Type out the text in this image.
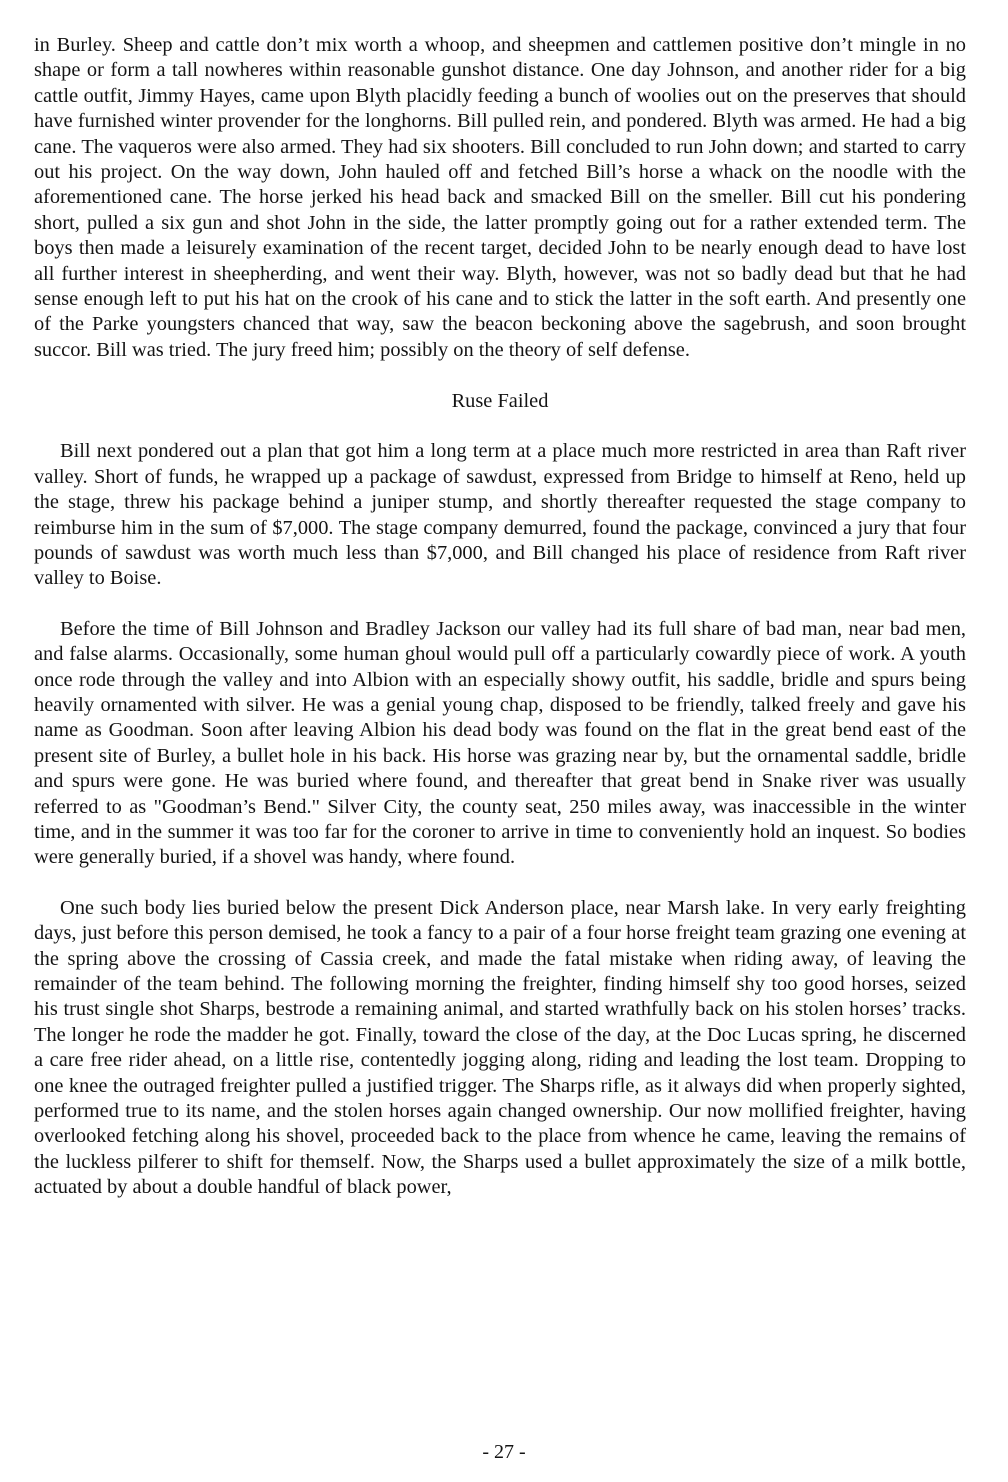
in Burley. Sheep and cattle don’t mix worth a whoop, and sheepmen and cattlemen positive don’t mingle in no shape or form a tall nowheres within reasonable gunshot distance. One day Johnson, and another rider for a big cattle outfit, Jimmy Hayes, came upon Blyth placidly feeding a bunch of woolies out on the preserves that should have furnished winter provender for the longhorns. Bill pulled rein, and pondered. Blyth was armed. He had a big cane. The vaqueros were also armed. They had six shooters. Bill concluded to run John down; and started to carry out his project. On the way down, John hauled off and fetched Bill’s horse a whack on the noodle with the aforementioned cane. The horse jerked his head back and smacked Bill on the smeller. Bill cut his pondering short, pulled a six gun and shot John in the side, the latter promptly going out for a rather extended term. The boys then made a leisurely examination of the recent target, decided John to be nearly enough dead to have lost all further interest in sheepherding, and went their way. Blyth, however, was not so badly dead but that he had sense enough left to put his hat on the crook of his cane and to stick the latter in the soft earth. And presently one of the Parke youngsters chanced that way, saw the beacon beckoning above the sagebrush, and soon brought succor. Bill was tried. The jury freed him; possibly on the theory of self defense.

Ruse Failed

Bill next pondered out a plan that got him a long term at a place much more restricted in area than Raft river valley. Short of funds, he wrapped up a package of sawdust, expressed from Bridge to himself at Reno, held up the stage, threw his package behind a juniper stump, and shortly thereafter requested the stage company to reimburse him in the sum of $7,000. The stage company demurred, found the package, convinced a jury that four pounds of sawdust was worth much less than $7,000, and Bill changed his place of residence from Raft river valley to Boise.

Before the time of Bill Johnson and Bradley Jackson our valley had its full share of bad man, near bad men, and false alarms. Occasionally, some human ghoul would pull off a particularly cowardly piece of work. A youth once rode through the valley and into Albion with an especially showy outfit, his saddle, bridle and spurs being heavily ornamented with silver. He was a genial young chap, disposed to be friendly, talked freely and gave his name as Goodman. Soon after leaving Albion his dead body was found on the flat in the great bend east of the present site of Burley, a bullet hole in his back. His horse was grazing near by, but the ornamental saddle, bridle and spurs were gone. He was buried where found, and thereafter that great bend in Snake river was usually referred to as "Goodman’s Bend." Silver City, the county seat, 250 miles away, was inaccessible in the winter time, and in the summer it was too far for the coroner to arrive in time to conveniently hold an inquest. So bodies were generally buried, if a shovel was handy, where found.

One such body lies buried below the present Dick Anderson place, near Marsh lake. In very early freighting days, just before this person demised, he took a fancy to a pair of a four horse freight team grazing one evening at the spring above the crossing of Cassia creek, and made the fatal mistake when riding away, of leaving the remainder of the team behind. The following morning the freighter, finding himself shy too good horses, seized his trust single shot Sharps, bestrode a remaining animal, and started wrathfully back on his stolen horses’ tracks. The longer he rode the madder he got. Finally, toward the close of the day, at the Doc Lucas spring, he discerned a care free rider ahead, on a little rise, contentedly jogging along, riding and leading the lost team. Dropping to one knee the outraged freighter pulled a justified trigger. The Sharps rifle, as it always did when properly sighted, performed true to its name, and the stolen horses again changed ownership. Our now mollified freighter, having overlooked fetching along his shovel, proceeded back to the place from whence he came, leaving the remains of the luckless pilferer to shift for themself. Now, the Sharps used a bullet approximately the size of a milk bottle, actuated by about a double handful of black power,

- 27 -
